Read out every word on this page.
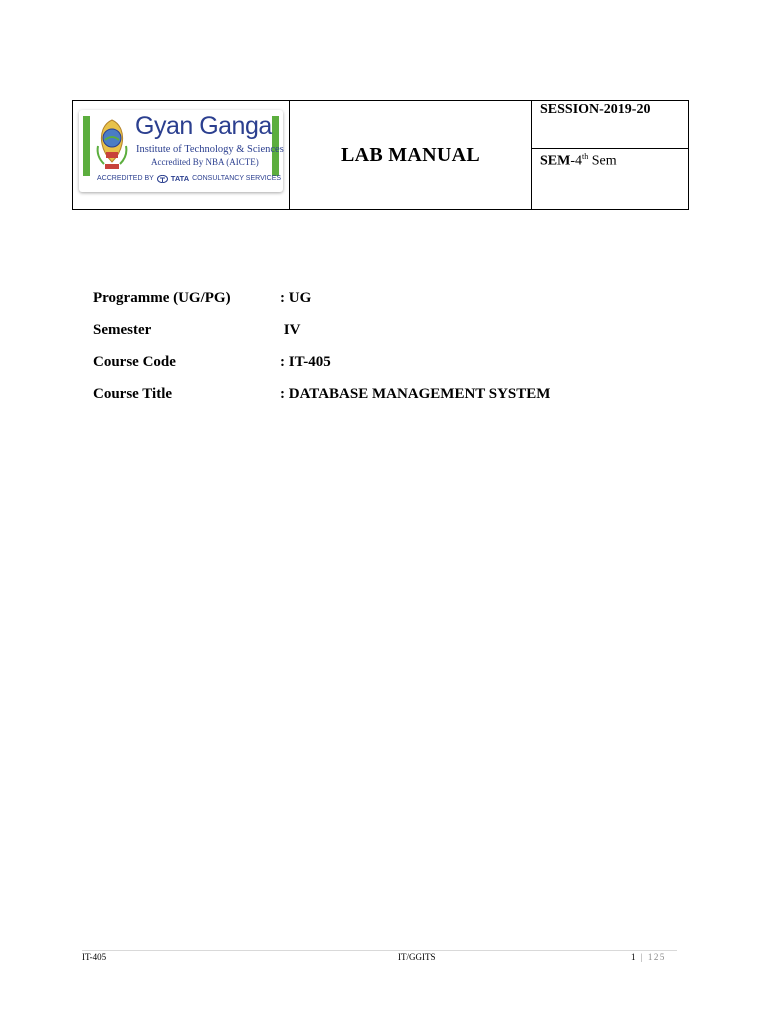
Gyan Ganga
Institute of Technology & Sciences
Accredited By NBA (AICTE)
ACCREDITED BY TATA CONSULTANCY SERVICES
LAB MANUAL
SESSION-2019-20
SEM-4th Sem
Programme (UG/PG)	: UG
Semester	IV
Course Code	: IT-405
Course Title	: DATABASE MANAGEMENT SYSTEM
IT-405	IT/GGITS	1 | 125
